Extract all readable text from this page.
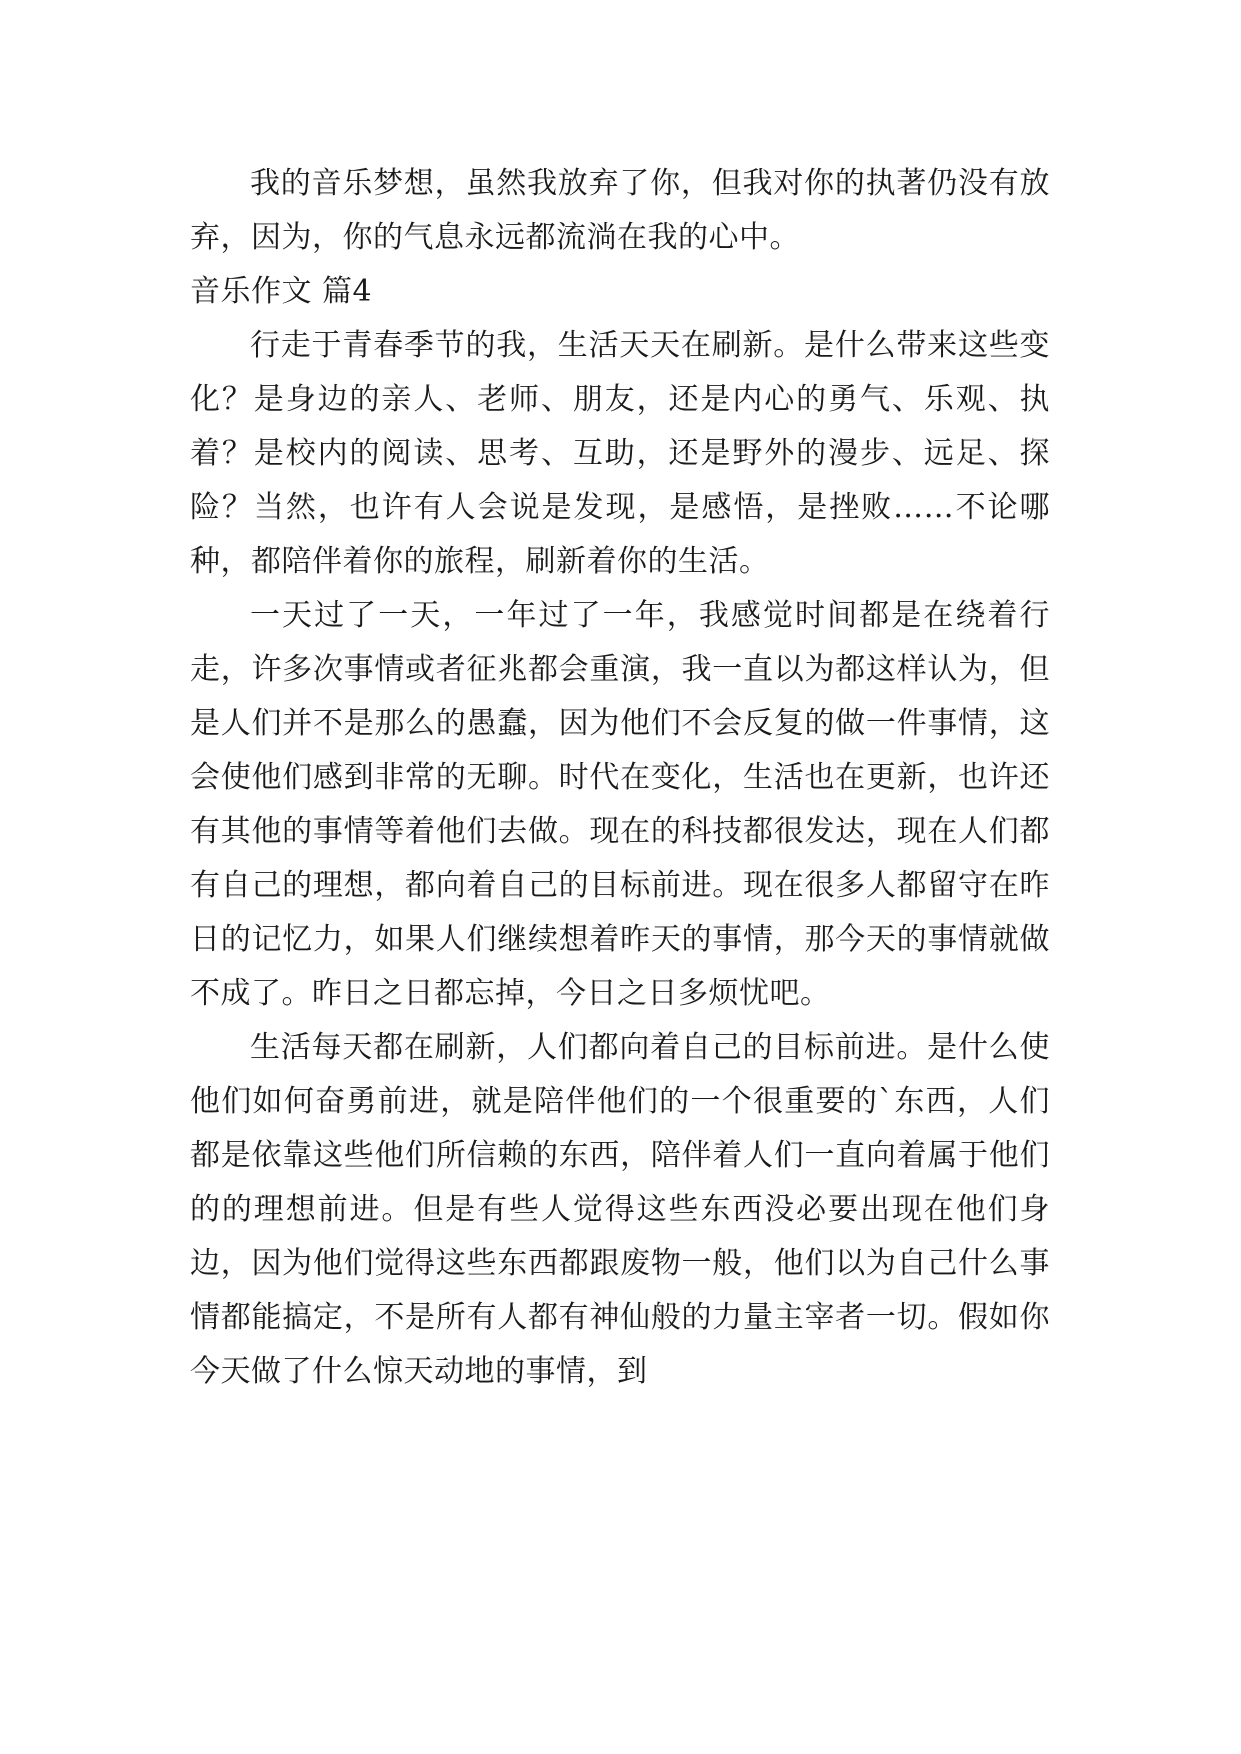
我的音乐梦想，虽然我放弃了你，但我对你的执著仍没有放弃，因为，你的气息永远都流淌在我的心中。

音乐作文 篇4

行走于青春季节的我，生活天天在刷新。是什么带来这些变化？是身边的亲人、老师、朋友，还是内心的勇气、乐观、执着？是校内的阅读、思考、互助，还是野外的漫步、远足、探险？当然，也许有人会说是发现，是感悟，是挫败……不论哪种，都陪伴着你的旅程，刷新着你的生活。

一天过了一天，一年过了一年，我感觉时间都是在绕着行走，许多次事情或者征兆都会重演，我一直以为都这样认为，但是人们并不是那么的愚蠢，因为他们不会反复的做一件事情，这会使他们感到非常的无聊。时代在变化，生活也在更新，也许还有其他的事情等着他们去做。现在的科技都很发达，现在人们都有自己的理想，都向着自己的目标前进。现在很多人都留守在昨日的记忆力，如果人们继续想着昨天的事情，那今天的事情就做不成了。昨日之日都忘掉，今日之日多烦忧吧。

生活每天都在刷新，人们都向着自己的目标前进。是什么使他们如何奋勇前进，就是陪伴他们的一个很重要的`东西，人们都是依靠这些他们所信赖的东西，陪伴着人们一直向着属于他们的的理想前进。但是有些人觉得这些东西没必要出现在他们身边，因为他们觉得这些东西都跟废物一般，他们以为自己什么事情都能搞定，不是所有人都有神仙般的力量主宰者一切。假如你今天做了什么惊天动地的事情，到
